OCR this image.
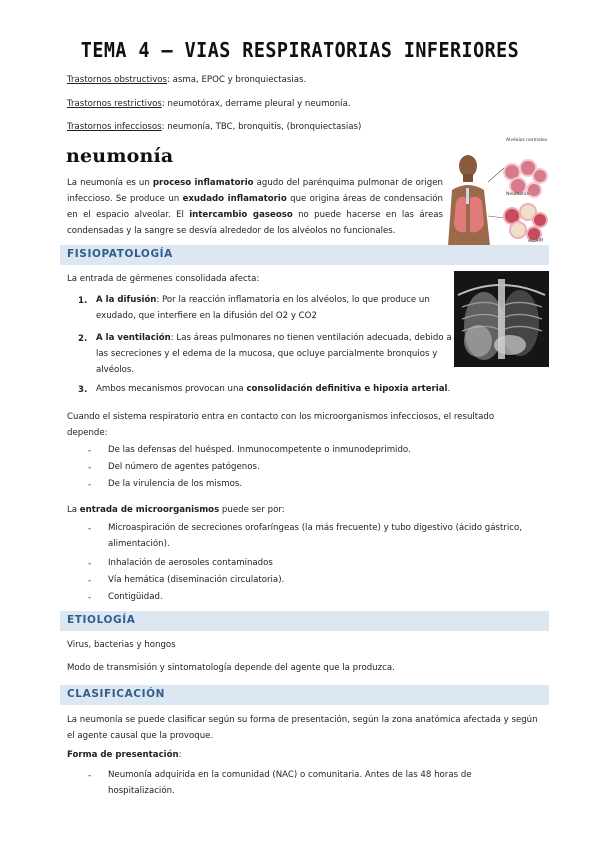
TEMA 4 – VIAS RESPIRATORIAS INFERIORES
Trastornos obstructivos: asma, EPOC y bronquiectasias.
Trastornos restrictivos: neumotórax, derrame pleural y neumonía.
Trastornos infecciosos: neumonía, TBC, bronquitis, (bronquiectasias)
neumonía
La neumonía es un proceso inflamatorio agudo del parénquima pulmonar de origen infeccioso. Se produce un exudado inflamatorio que origina áreas de condensación en el espacio alveolar. El intercambio gaseoso no puede hacerse en las áreas condensadas y la sangre se desvía alrededor de los alvéolos no funcionales.
Alvéolos normales
Neumonía
ADAM
FISIOPATOLOGÍA
La entrada de gérmenes consolidada afecta:
1. A la difusión: Por la reacción inflamatoria en los alvéolos, lo que produce un
exudado, que interfiere en la difusión del O2 y CO2
2. A la ventilación: Las áreas pulmonares no tienen ventilación adecuada, debido a
las secreciones y el edema de la mucosa, que ocluye parcialmente bronquios y
alvéolos.
3. Ambos mecanismos provocan una consolidación definitiva e hipoxia arterial.
Cuando el sistema respiratorio entra en contacto con los microorganismos infecciosos, el resultado
depende:
- De las defensas del huésped. Inmunocompetente o inmunodeprimido.
- Del número de agentes patógenos.
- De la virulencia de los mismos.
La entrada de microorganismos puede ser por:
- Microaspiración de secreciones orofaríngeas (la más frecuente) y tubo digestivo (ácido gástrico,
alimentación).
- Inhalación de aerosoles contaminados
- Vía hemática (diseminación circulatoria).
- Contigüidad.
ETIOLOGÍA
Virus, bacterias y hongos
Modo de transmisión y sintomatología depende del agente que la produzca.
CLASIFICACIÓN
La neumonía se puede clasificar según su forma de presentación, según la zona anatómica afectada y según
el agente causal que la provoque.
Forma de presentación:
- Neumonía adquirida en la comunidad (NAC) o comunitaria. Antes de las 48 horas de
hospitalización.
